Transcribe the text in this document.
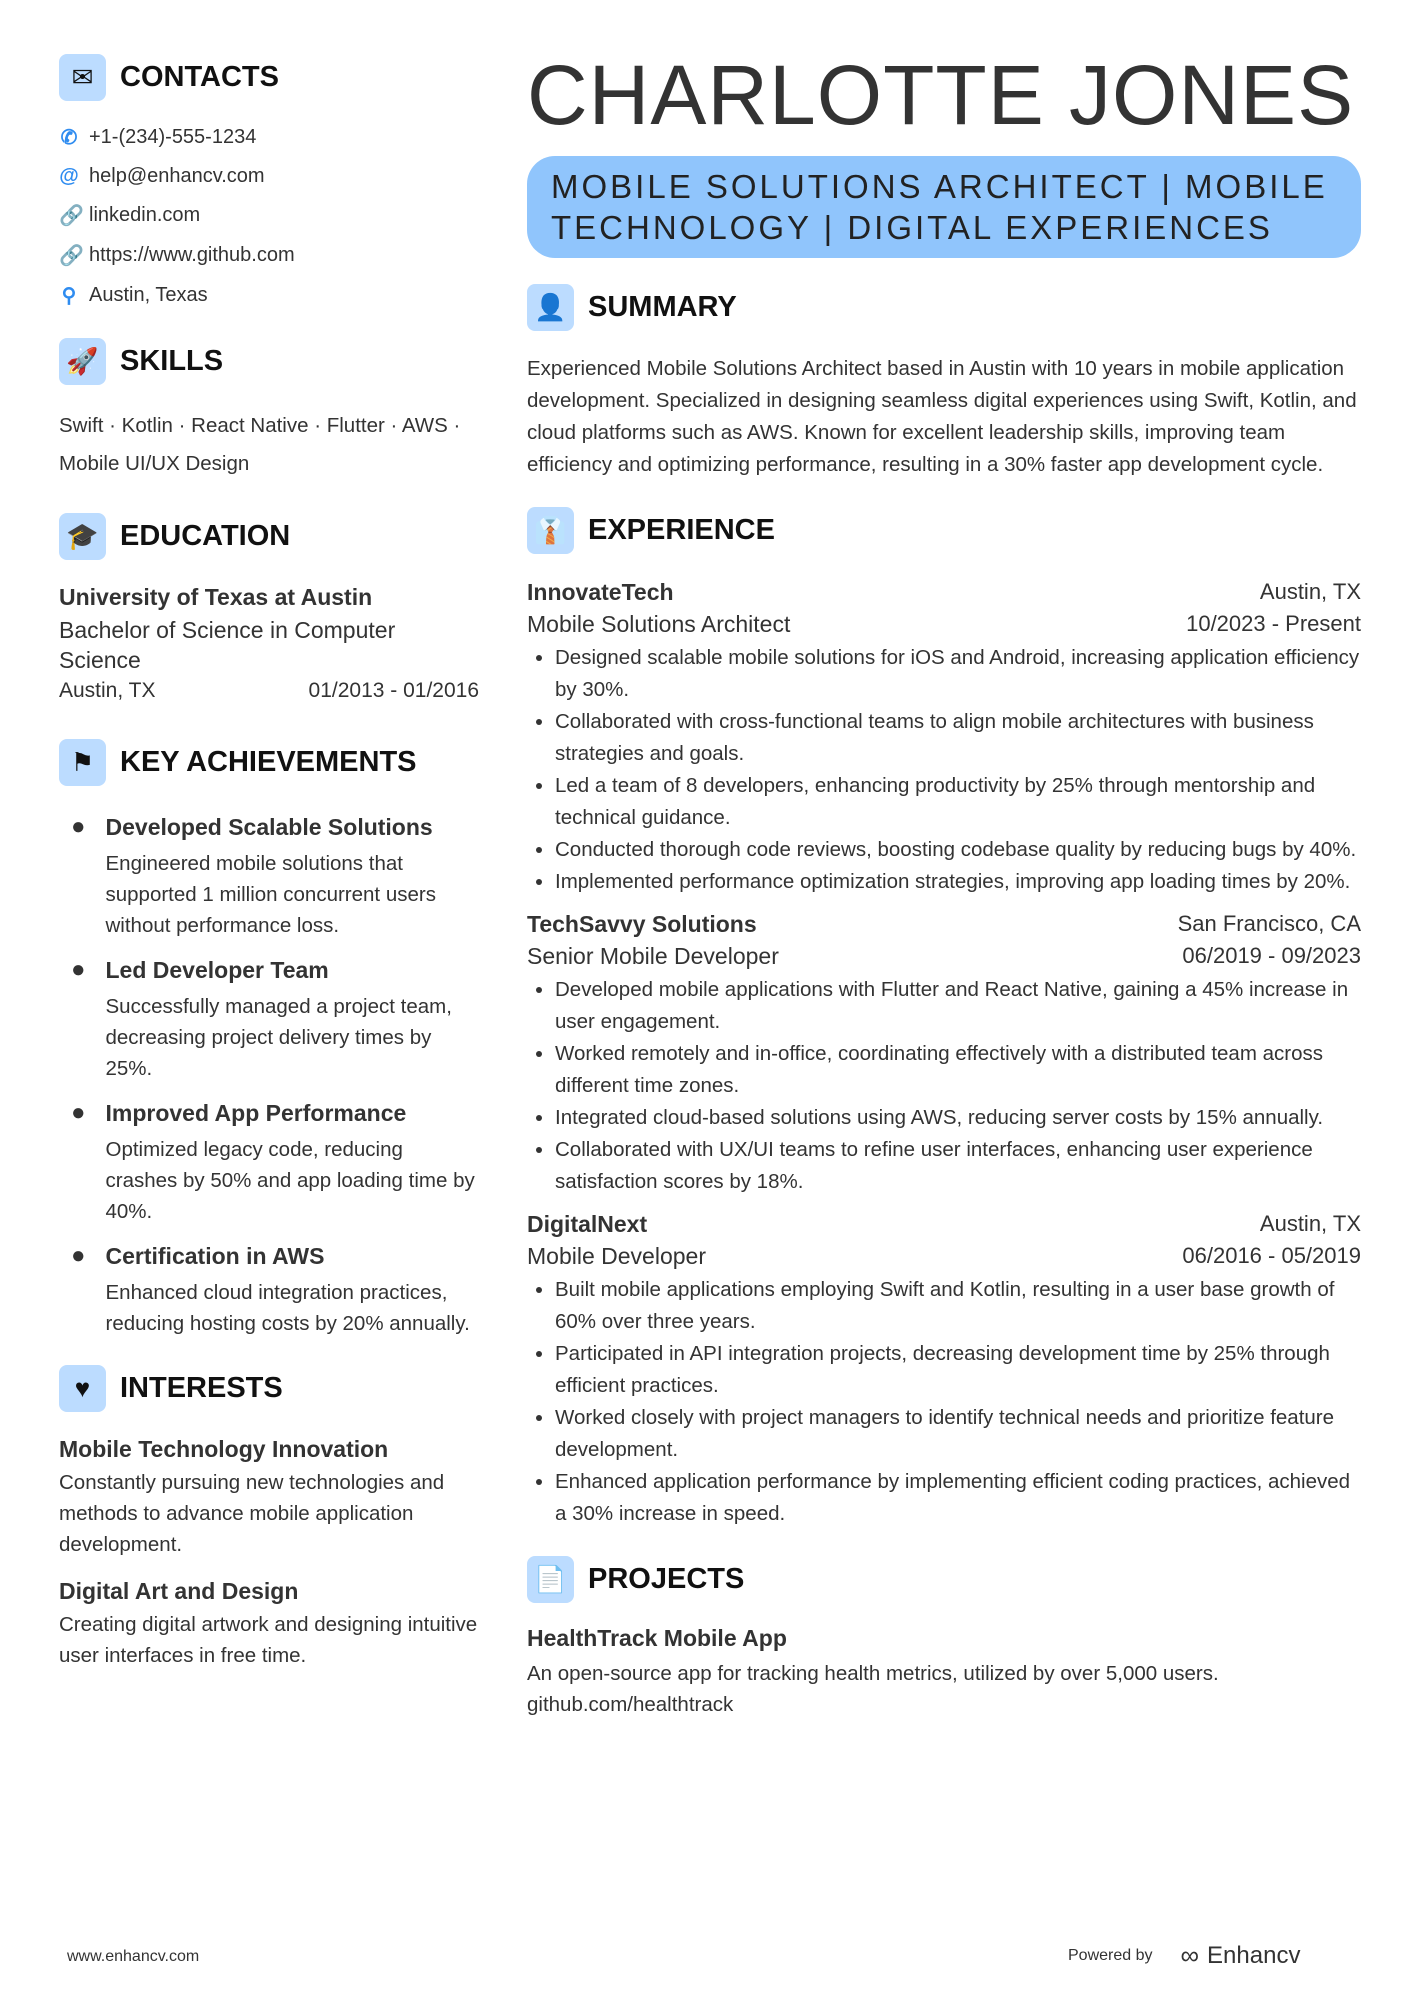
✉ CONTACTS
✆ +1-(234)-555-1234
@ help@enhancv.com
🔗 linkedin.com
🔗 https://www.github.com
⚲ Austin, Texas
🚀 SKILLS
Swift · Kotlin · React Native · Flutter · AWS · Mobile UI/UX Design
🎓 EDUCATION
University of Texas at Austin
Bachelor of Science in Computer Science
Austin, TX	01/2013 - 01/2016
⚑ KEY ACHIEVEMENTS
● Developed Scalable Solutions
Engineered mobile solutions that supported 1 million concurrent users without performance loss.
● Led Developer Team
Successfully managed a project team, decreasing project delivery times by 25%.
● Improved App Performance
Optimized legacy code, reducing crashes by 50% and app loading time by 40%.
● Certification in AWS
Enhanced cloud integration practices, reducing hosting costs by 20% annually.
♥	INTERESTS
Mobile Technology Innovation
Constantly pursuing new technologies and methods to advance mobile application development.
Digital Art and Design
Creating digital artwork and designing intuitive user interfaces in free time.
CHARLOTTE JONES
MOBILE SOLUTIONS ARCHITECT | MOBILE TECHNOLOGY | DIGITAL EXPERIENCES
👤 SUMMARY
Experienced Mobile Solutions Architect based in Austin with 10 years in mobile application development. Specialized in designing seamless digital experiences using Swift, Kotlin, and cloud platforms such as AWS. Known for excellent leadership skills, improving team efficiency and optimizing performance, resulting in a 30% faster app development cycle.
👔 EXPERIENCE
InnovateTech	Austin, TX
Mobile Solutions Architect	10/2023 - Present
• Designed scalable mobile solutions for iOS and Android, increasing application efficiency by 30%.
• Collaborated with cross-functional teams to align mobile architectures with business strategies and goals.
• Led a team of 8 developers, enhancing productivity by 25% through mentorship and technical guidance.
• Conducted thorough code reviews, boosting codebase quality by reducing bugs by 40%.
• Implemented performance optimization strategies, improving app loading times by 20%.
TechSavvy Solutions	San Francisco, CA
Senior Mobile Developer	06/2019 - 09/2023
• Developed mobile applications with Flutter and React Native, gaining a 45% increase in user engagement.
• Worked remotely and in-office, coordinating effectively with a distributed team across different time zones.
• Integrated cloud-based solutions using AWS, reducing server costs by 15% annually.
• Collaborated with UX/UI teams to refine user interfaces, enhancing user experience satisfaction scores by 18%.
DigitalNext	Austin, TX
Mobile Developer	06/2016 - 05/2019
• Built mobile applications employing Swift and Kotlin, resulting in a user base growth of 60% over three years.
• Participated in API integration projects, decreasing development time by 25% through efficient practices.
• Worked closely with project managers to identify technical needs and prioritize feature development.
• Enhanced application performance by implementing efficient coding practices, achieved a 30% increase in speed.
📄 PROJECTS
HealthTrack Mobile App
An open-source app for tracking health metrics, utilized by over 5,000 users.
github.com/healthtrack
www.enhancv.com	Powered by ∞ Enhancv
